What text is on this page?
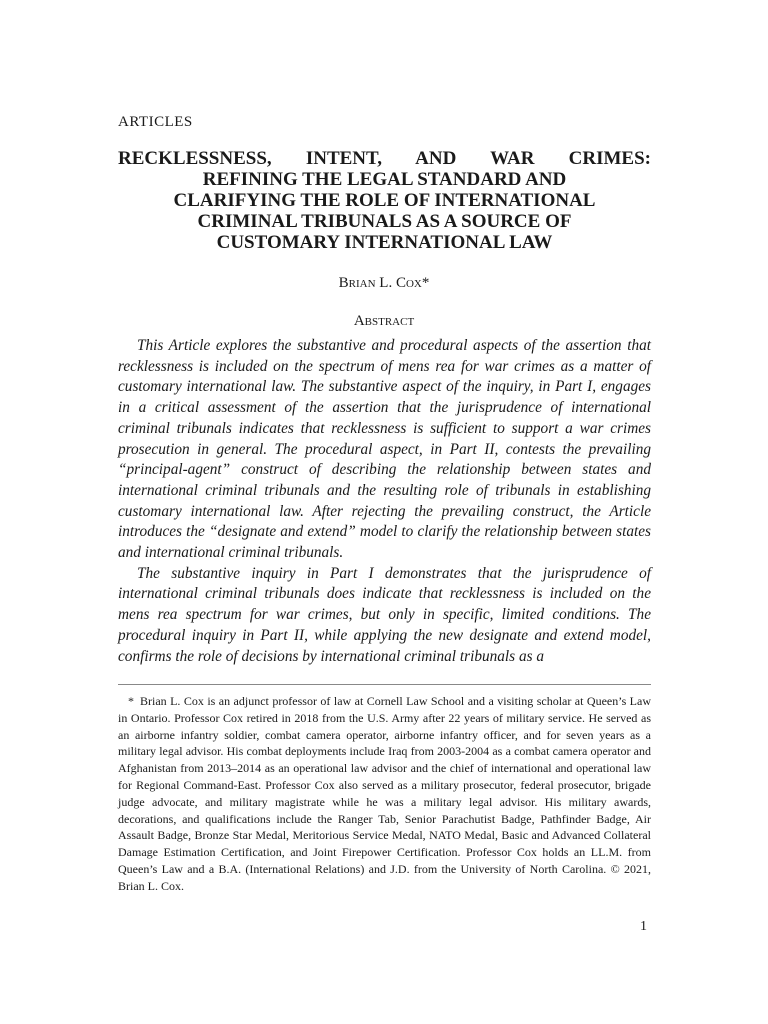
ARTICLES
RECKLESSNESS, INTENT, AND WAR CRIMES:
REFINING THE LEGAL STANDARD AND
CLARIFYING THE ROLE OF INTERNATIONAL
CRIMINAL TRIBUNALS AS A SOURCE OF
CUSTOMARY INTERNATIONAL LAW
Brian L. Cox*
Abstract

This Article explores the substantive and procedural aspects of the assertion that recklessness is included on the spectrum of mens rea for war crimes as a matter of customary international law. The substantive aspect of the inquiry, in Part I, engages in a critical assessment of the assertion that the jurisprudence of international criminal tribunals indicates that recklessness is sufficient to support a war crimes prosecution in general. The procedural aspect, in Part II, contests the prevailing “principal-agent” construct of describing the relationship between states and international criminal tribunals and the resulting role of tribunals in establishing customary international law. After rejecting the prevailing construct, the Article introduces the “designate and extend” model to clarify the relationship between states and international criminal tribunals.

The substantive inquiry in Part I demonstrates that the jurisprudence of international criminal tribunals does indicate that recklessness is included on the mens rea spectrum for war crimes, but only in specific, limited conditions. The procedural inquiry in Part II, while applying the new designate and extend model, confirms the role of decisions by international criminal tribunals as a

* Brian L. Cox is an adjunct professor of law at Cornell Law School and a visiting scholar at Queen’s Law in Ontario. Professor Cox retired in 2018 from the U.S. Army after 22 years of military service. He served as an airborne infantry soldier, combat camera operator, airborne infantry officer, and for seven years as a military legal advisor. His combat deployments include Iraq from 2003-2004 as a combat camera operator and Afghanistan from 2013–2014 as an operational law advisor and the chief of international and operational law for Regional Command-East. Professor Cox also served as a military prosecutor, federal prosecutor, brigade judge advocate, and military magistrate while he was a military legal advisor. His military awards, decorations, and qualifications include the Ranger Tab, Senior Parachutist Badge, Pathfinder Badge, Air Assault Badge, Bronze Star Medal, Meritorious Service Medal, NATO Medal, Basic and Advanced Collateral Damage Estimation Certification, and Joint Firepower Certification. Professor Cox holds an LL.M. from Queen’s Law and a B.A. (International Relations) and J.D. from the University of North Carolina. © 2021, Brian L. Cox.
1
